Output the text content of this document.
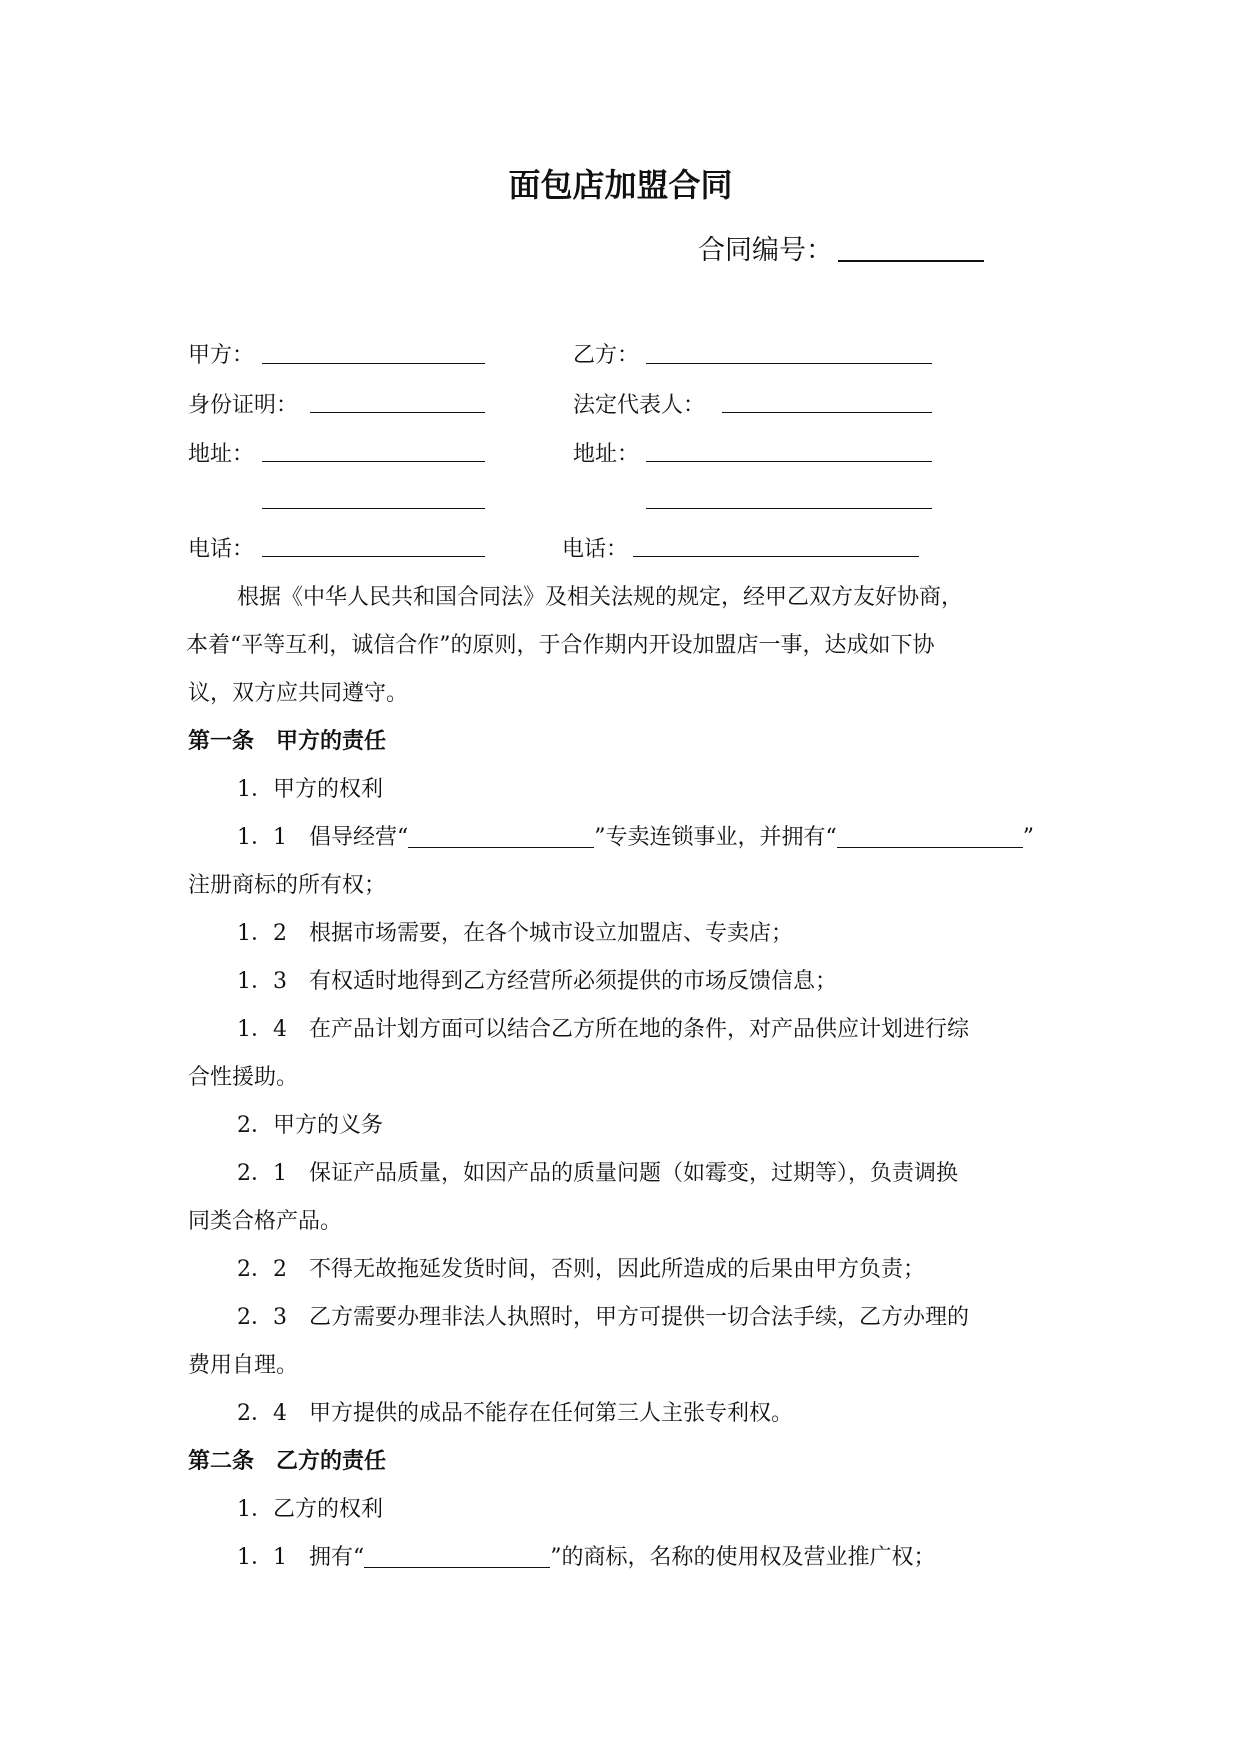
面包店加盟合同
合同编号：
甲方：	乙方：
身份证明：	法定代表人：
地址：	地址：
电话：	电话：
根据《中华人民共和国合同法》及相关法规的规定，经甲乙双方友好协商，
本着“平等互利，诚信合作”的原则，于合作期内开设加盟店一事，达成如下协
议，双方应共同遵守。
第一条　甲方的责任
1．甲方的权利
1．1　倡导经营“	”专卖连锁事业，并拥有“	”
注册商标的所有权；
1．2　根据市场需要，在各个城市设立加盟店、专卖店；
1．3　有权适时地得到乙方经营所必须提供的市场反馈信息；
1．4　在产品计划方面可以结合乙方所在地的条件，对产品供应计划进行综
合性援助。
2．甲方的义务
2．1　保证产品质量，如因产品的质量问题（如霉变，过期等），负责调换
同类合格产品。
2．2　不得无故拖延发货时间，否则，因此所造成的后果由甲方负责；
2．3　乙方需要办理非法人执照时，甲方可提供一切合法手续，乙方办理的
费用自理。
2．4　甲方提供的成品不能存在任何第三人主张专利权。
第二条　乙方的责任
1．乙方的权利
1．1　拥有“	”的商标，名称的使用权及营业推广权；
